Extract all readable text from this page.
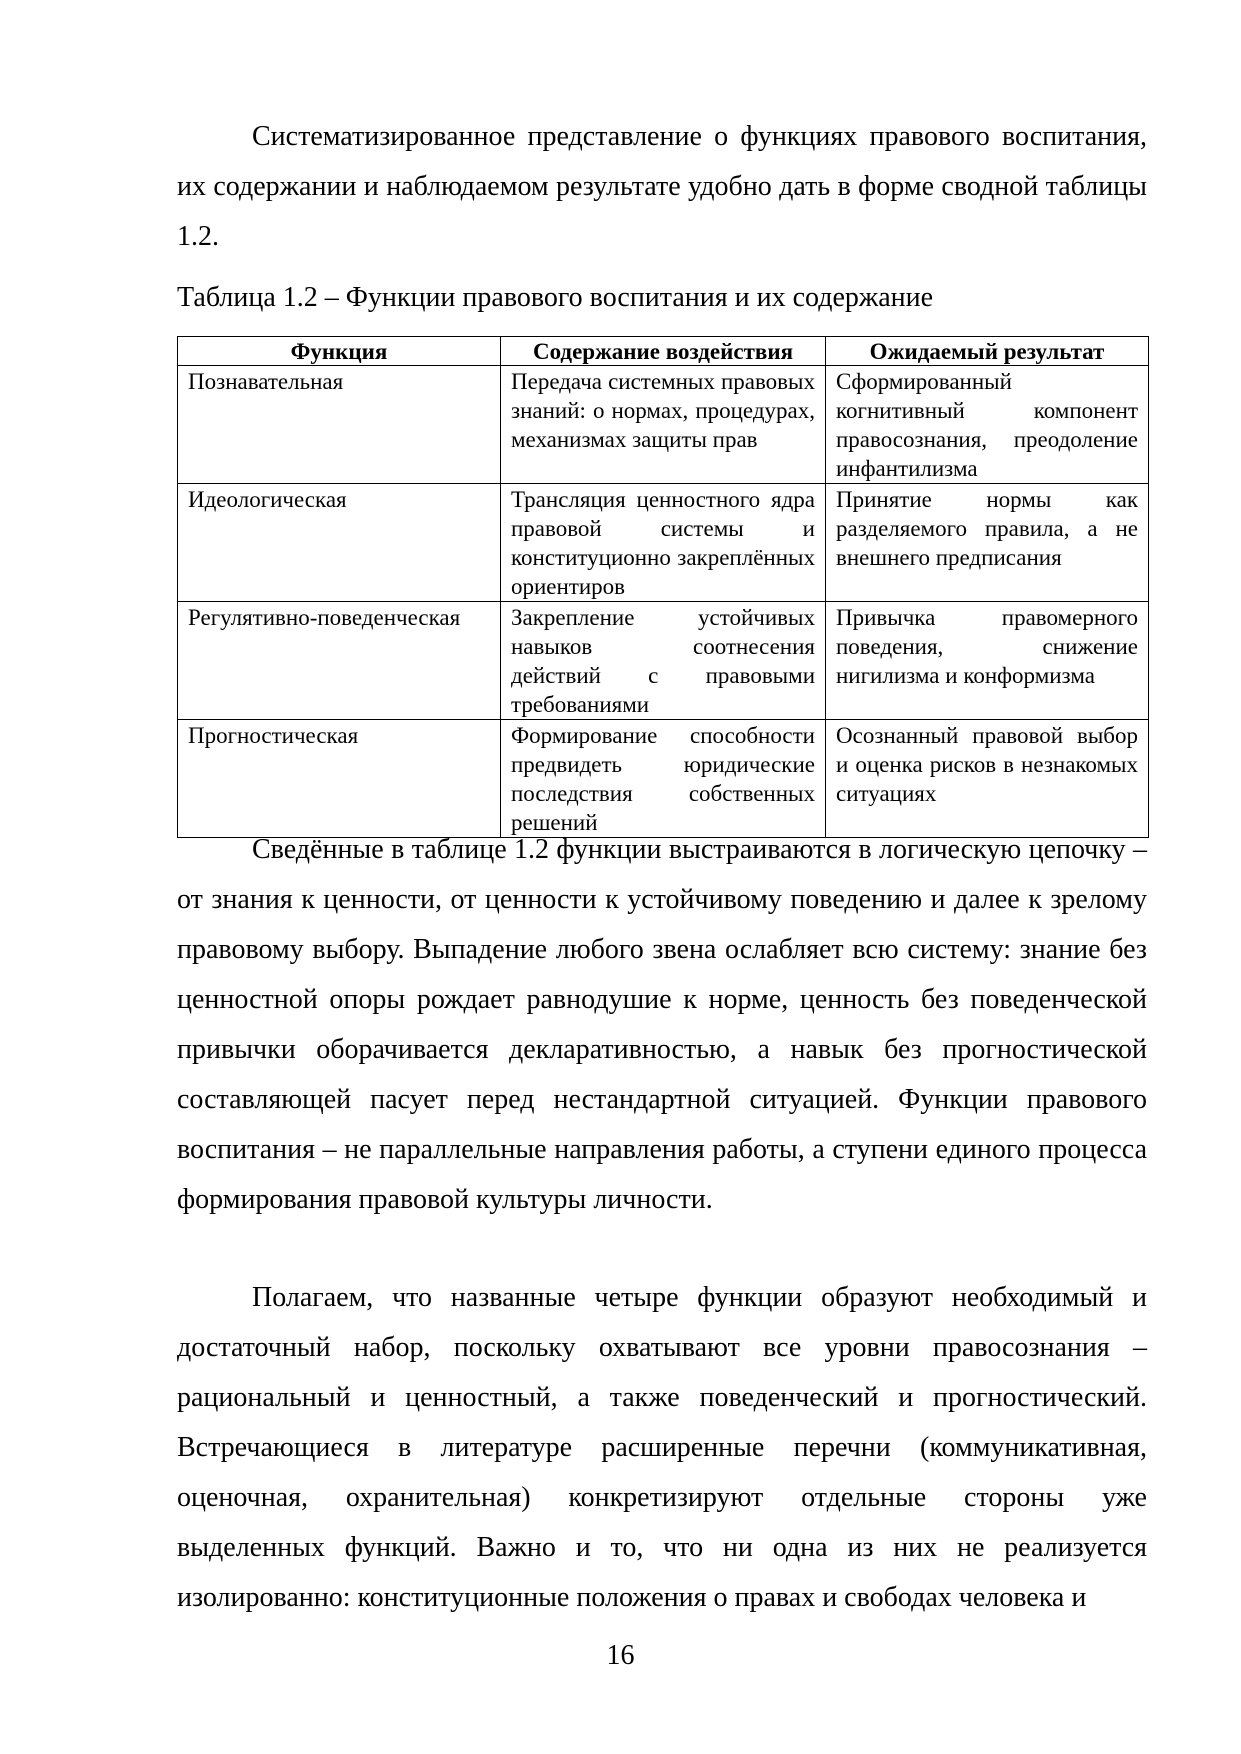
Систематизированное представление о функциях правового воспитания, их содержании и наблюдаемом результате удобно дать в форме сводной таблицы 1.2.

Таблица 1.2 – Функции правового воспитания и их содержание

Функция	Содержание воздействия	Ожидаемый результат
Познавательная	Передача системных правовых знаний: о нормах, процедурах, механизмах защиты прав	Сформированный когнитивный компонент правосознания, преодоление инфантилизма
Идеологическая	Трансляция ценностного ядра правовой системы и конституционно закреплённых ориентиров	Принятие нормы как разделяемого правила, а не внешнего предписания
Регулятивно-поведенческая	Закрепление устойчивых навыков соотнесения действий с правовыми требованиями	Привычка правомерного поведения, снижение нигилизма и конформизма
Прогностическая	Формирование способности предвидеть юридические последствия собственных решений	Осознанный правовой выбор и оценка рисков в незнакомых ситуациях

Сведённые в таблице 1.2 функции выстраиваются в логическую цепочку – от знания к ценности, от ценности к устойчивому поведению и далее к зрелому правовому выбору. Выпадение любого звена ослабляет всю систему: знание без ценностной опоры рождает равнодушие к норме, ценность без поведенческой привычки оборачивается декларативностью, а навык без прогностической составляющей пасует перед нестандартной ситуацией. Функции правового воспитания – не параллельные направления работы, а ступени единого процесса формирования правовой культуры личности.

Полагаем, что названные четыре функции образуют необходимый и достаточный набор, поскольку охватывают все уровни правосознания – рациональный и ценностный, а также поведенческий и прогностический. Встречающиеся в литературе расширенные перечни (коммуникативная, оценочная, охранительная) конкретизируют отдельные стороны уже выделенных функций. Важно и то, что ни одна из них не реализуется изолированно: конституционные положения о правах и свободах человека и

16
